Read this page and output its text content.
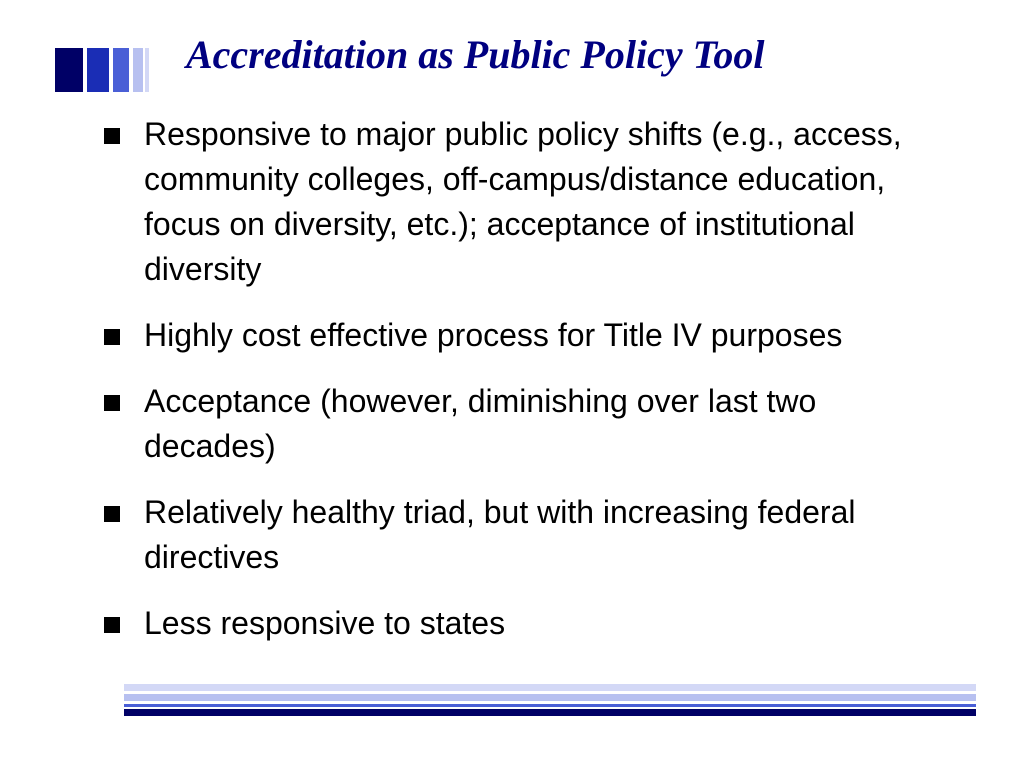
Accreditation as Public Policy Tool
Responsive to major public policy shifts (e.g., access, community colleges, off-campus/distance education, focus on diversity, etc.); acceptance of institutional diversity
Highly cost effective process for Title IV purposes
Acceptance (however, diminishing over last two decades)
Relatively healthy triad, but with increasing federal directives
Less responsive to states
